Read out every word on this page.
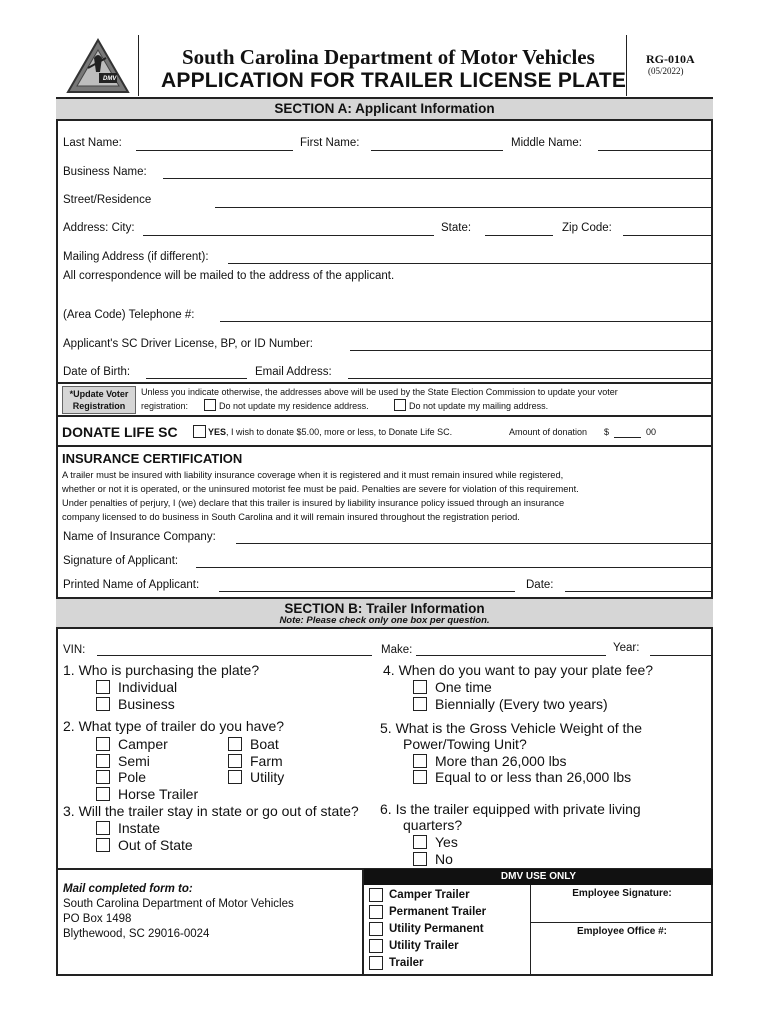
DMV
South Carolina Department of Motor Vehicles
APPLICATION FOR TRAILER LICENSE PLATE
RG-010A
(05/2022)
SECTION A: Applicant Information
Last Name:	First Name:	Middle Name:
Business Name:
Street/Residence
Address: City:	State:	Zip Code:
Mailing Address (if different):
All correspondence will be mailed to the address of the applicant.
(Area Code) Telephone #:
Applicant's SC Driver License, BP, or ID Number:
Date of Birth:	Email Address:
*Update Voter
Registration
Unless you indicate otherwise, the addresses above will be used by the State Election Commission to update your voter
registration:	Do not update my residence address.	Do not update my mailing address.
DONATE LIFE SC	YES, I wish to donate $5.00, more or less, to Donate Life SC.	Amount of donation $	00
INSURANCE CERTIFICATION
A trailer must be insured with liability insurance coverage when it is registered and it must remain insured while registered,
whether or not it is operated, or the uninsured motorist fee must be paid. Penalties are severe for violation of this requirement.
Under penalties of perjury, I (we) declare that this trailer is insured by liability insurance policy issued through an insurance
company licensed to do business in South Carolina and it will remain insured throughout the registration period.
Name of Insurance Company:
Signature of Applicant:
Printed Name of Applicant:	Date:
SECTION B: Trailer Information
Note: Please check only one box per question.
VIN:	Make:	Year:
1. Who is purchasing the plate?
Individual
Business
2. What type of trailer do you have?
Camper
Semi
Pole
Horse Trailer
Boat
Farm
Utility
3. Will the trailer stay in state or go out of state?
Instate
Out of State
4. When do you want to pay your plate fee?
One time
Biennially (Every two years)
5. What is the Gross Vehicle Weight of the
Power/Towing Unit?
More than 26,000 lbs
Equal to or less than 26,000 lbs
6. Is the trailer equipped with private living
quarters?
Yes
No
Mail completed form to:
South Carolina Department of Motor Vehicles
PO Box 1498
Blythewood, SC 29016-0024
DMV USE ONLY
Camper Trailer
Permanent Trailer
Utility Permanent
Utility Trailer
Trailer
Employee Signature:
Employee Office #:
